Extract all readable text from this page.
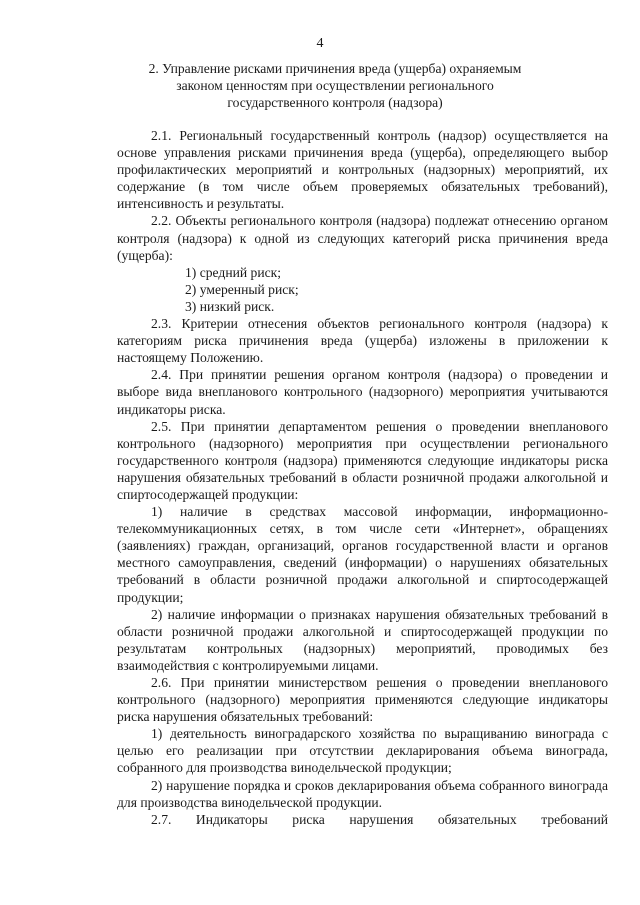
4
2. Управление рисками причинения вреда (ущерба) охраняемым
законом ценностям при осуществлении регионального
государственного контроля (надзора)

2.1. Региональный государственный контроль (надзор) осуществляется на основе управления рисками причинения вреда (ущерба), определяющего выбор профилактических мероприятий и контрольных (надзорных) мероприятий, их содержание (в том числе объем проверяемых обязательных требований), интенсивность и результаты.

2.2. Объекты регионального контроля (надзора) подлежат отнесению органом контроля (надзора) к одной из следующих категорий риска причинения вреда (ущерба):

1) средний риск;

2) умеренный риск;

3) низкий риск.

2.3. Критерии отнесения объектов регионального контроля (надзора) к категориям риска причинения вреда (ущерба) изложены в приложении к настоящему Положению.

2.4. При принятии решения органом контроля (надзора) о проведении и выборе вида внепланового контрольного (надзорного) мероприятия учитываются индикаторы риска.

2.5. При принятии департаментом решения о проведении внепланового контрольного (надзорного) мероприятия при осуществлении регионального государственного контроля (надзора) применяются следующие индикаторы риска нарушения обязательных требований в области розничной продажи алкогольной и спиртосодержащей продукции:

1) наличие в средствах массовой информации, информационно-телекоммуникационных сетях, в том числе сети «Интернет», обращениях (заявлениях) граждан, организаций, органов государственной власти и органов местного самоуправления, сведений (информации) о нарушениях обязательных требований в области розничной продажи алкогольной и спиртосодержащей продукции;

2) наличие информации о признаках нарушения обязательных требований в области розничной продажи алкогольной и спиртосодержащей продукции по результатам контрольных (надзорных) мероприятий, проводимых без взаимодействия с контролируемыми лицами.

2.6. При принятии министерством решения о проведении внепланового контрольного (надзорного) мероприятия применяются следующие индикаторы риска нарушения обязательных требований:

1) деятельность виноградарского хозяйства по выращиванию винограда с целью его реализации при отсутствии декларирования объема винограда, собранного для производства винодельческой продукции;

2) нарушение порядка и сроков декларирования объема собранного винограда для производства винодельческой продукции.

2.7. Индикаторы риска нарушения обязательных требований
